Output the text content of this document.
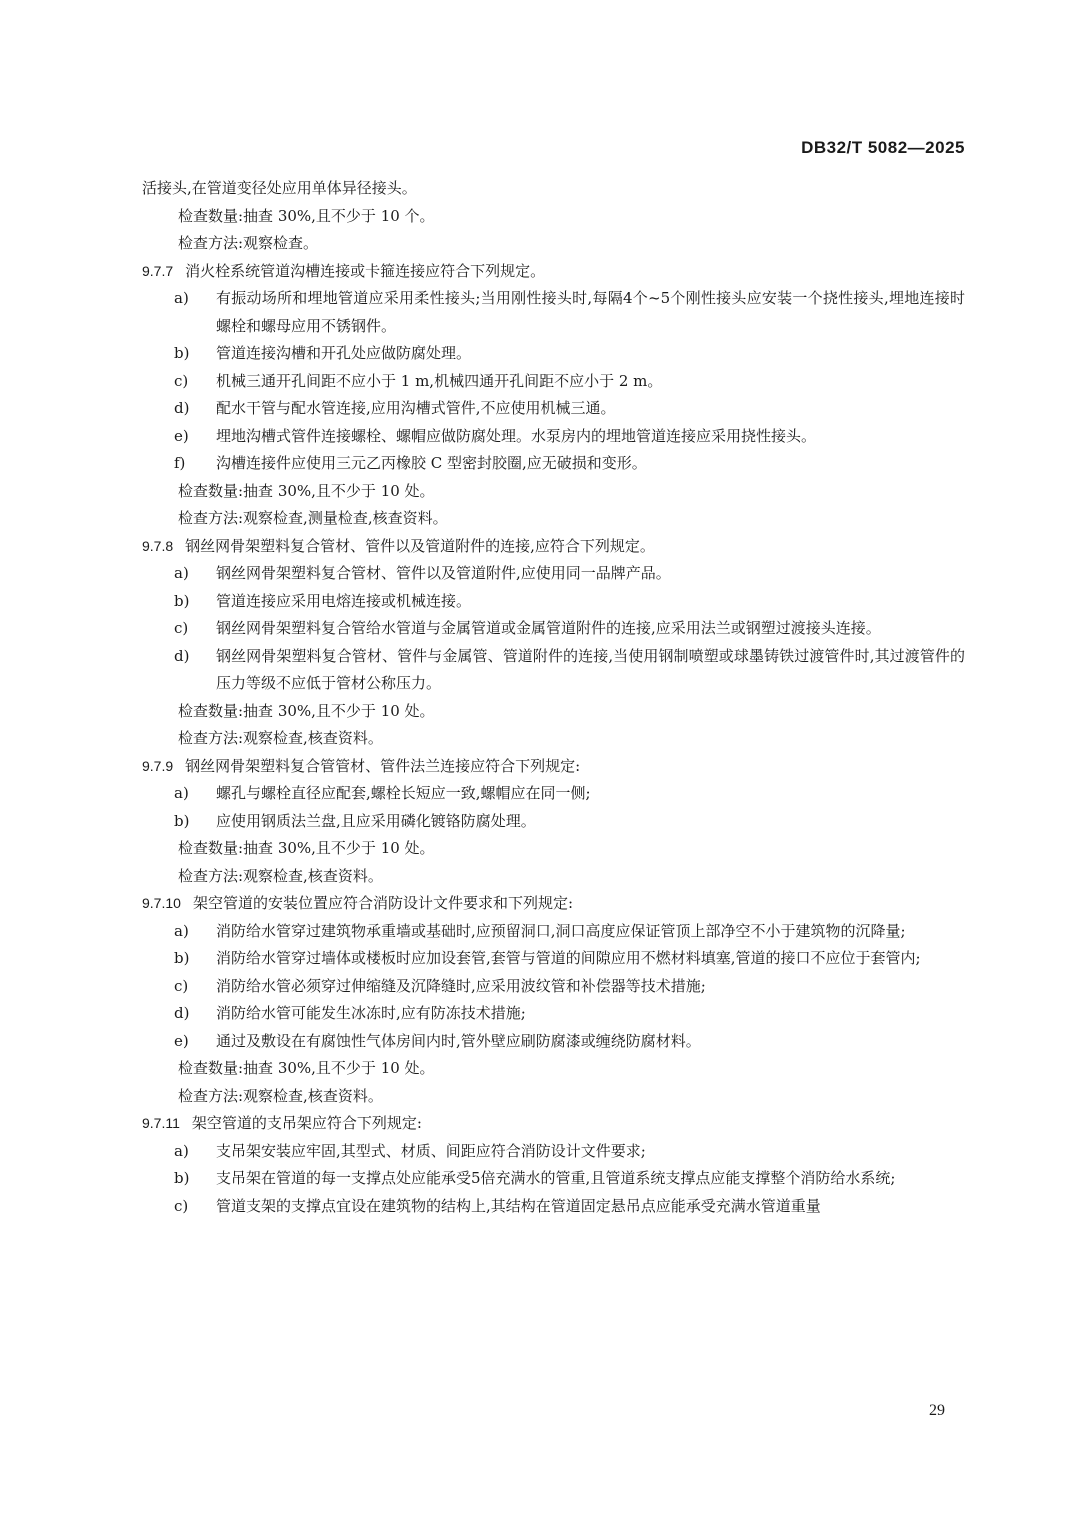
DB32/T 5082—2025
活接头,在管道变径处应用单体异径接头。
检查数量:抽查 30%,且不少于 10 个。
检查方法:观察检查。
9.7.7 消火栓系统管道沟槽连接或卡箍连接应符合下列规定。
a)	有振动场所和埋地管道应采用柔性接头;当用刚性接头时,每隔4个~5个刚性接头应安装一个挠性接头,埋地连接时螺栓和螺母应用不锈钢件。
b)	管道连接沟槽和开孔处应做防腐处理。
c)	机械三通开孔间距不应小于 1 m,机械四通开孔间距不应小于 2 m。
d)	配水干管与配水管连接,应用沟槽式管件,不应使用机械三通。
e)	埋地沟槽式管件连接螺栓、螺帽应做防腐处理。水泵房内的埋地管道连接应采用挠性接头。
f)	沟槽连接件应使用三元乙丙橡胶 C 型密封胶圈,应无破损和变形。
检查数量:抽查 30%,且不少于 10 处。
检查方法:观察检查,测量检查,核查资料。
9.7.8 钢丝网骨架塑料复合管材、管件以及管道附件的连接,应符合下列规定。
a)	钢丝网骨架塑料复合管材、管件以及管道附件,应使用同一品牌产品。
b)	管道连接应采用电熔连接或机械连接。
c)	钢丝网骨架塑料复合管给水管道与金属管道或金属管道附件的连接,应采用法兰或钢塑过渡接头连接。
d)	钢丝网骨架塑料复合管材、管件与金属管、管道附件的连接,当使用钢制喷塑或球墨铸铁过渡管件时,其过渡管件的压力等级不应低于管材公称压力。
检查数量:抽查 30%,且不少于 10 处。
检查方法:观察检查,核查资料。
9.7.9 钢丝网骨架塑料复合管管材、管件法兰连接应符合下列规定:
a)	螺孔与螺栓直径应配套,螺栓长短应一致,螺帽应在同一侧;
b)	应使用钢质法兰盘,且应采用磷化镀铬防腐处理。
检查数量:抽查 30%,且不少于 10 处。
检查方法:观察检查,核查资料。
9.7.10 架空管道的安装位置应符合消防设计文件要求和下列规定:
a)	消防给水管穿过建筑物承重墙或基础时,应预留洞口,洞口高度应保证管顶上部净空不小于建筑物的沉降量;
b)	消防给水管穿过墙体或楼板时应加设套管,套管与管道的间隙应用不燃材料填塞,管道的接口不应位于套管内;
c)	消防给水管必须穿过伸缩缝及沉降缝时,应采用波纹管和补偿器等技术措施;
d)	消防给水管可能发生冰冻时,应有防冻技术措施;
e)	通过及敷设在有腐蚀性气体房间内时,管外壁应刷防腐漆或缠绕防腐材料。
检查数量:抽查 30%,且不少于 10 处。
检查方法:观察检查,核查资料。
9.7.11 架空管道的支吊架应符合下列规定:
a)	支吊架安装应牢固,其型式、材质、间距应符合消防设计文件要求;
b)	支吊架在管道的每一支撑点处应能承受5倍充满水的管重,且管道系统支撑点应能支撑整个消防给水系统;
c)	管道支架的支撑点宜设在建筑物的结构上,其结构在管道固定悬吊点应能承受充满水管道重量
29
